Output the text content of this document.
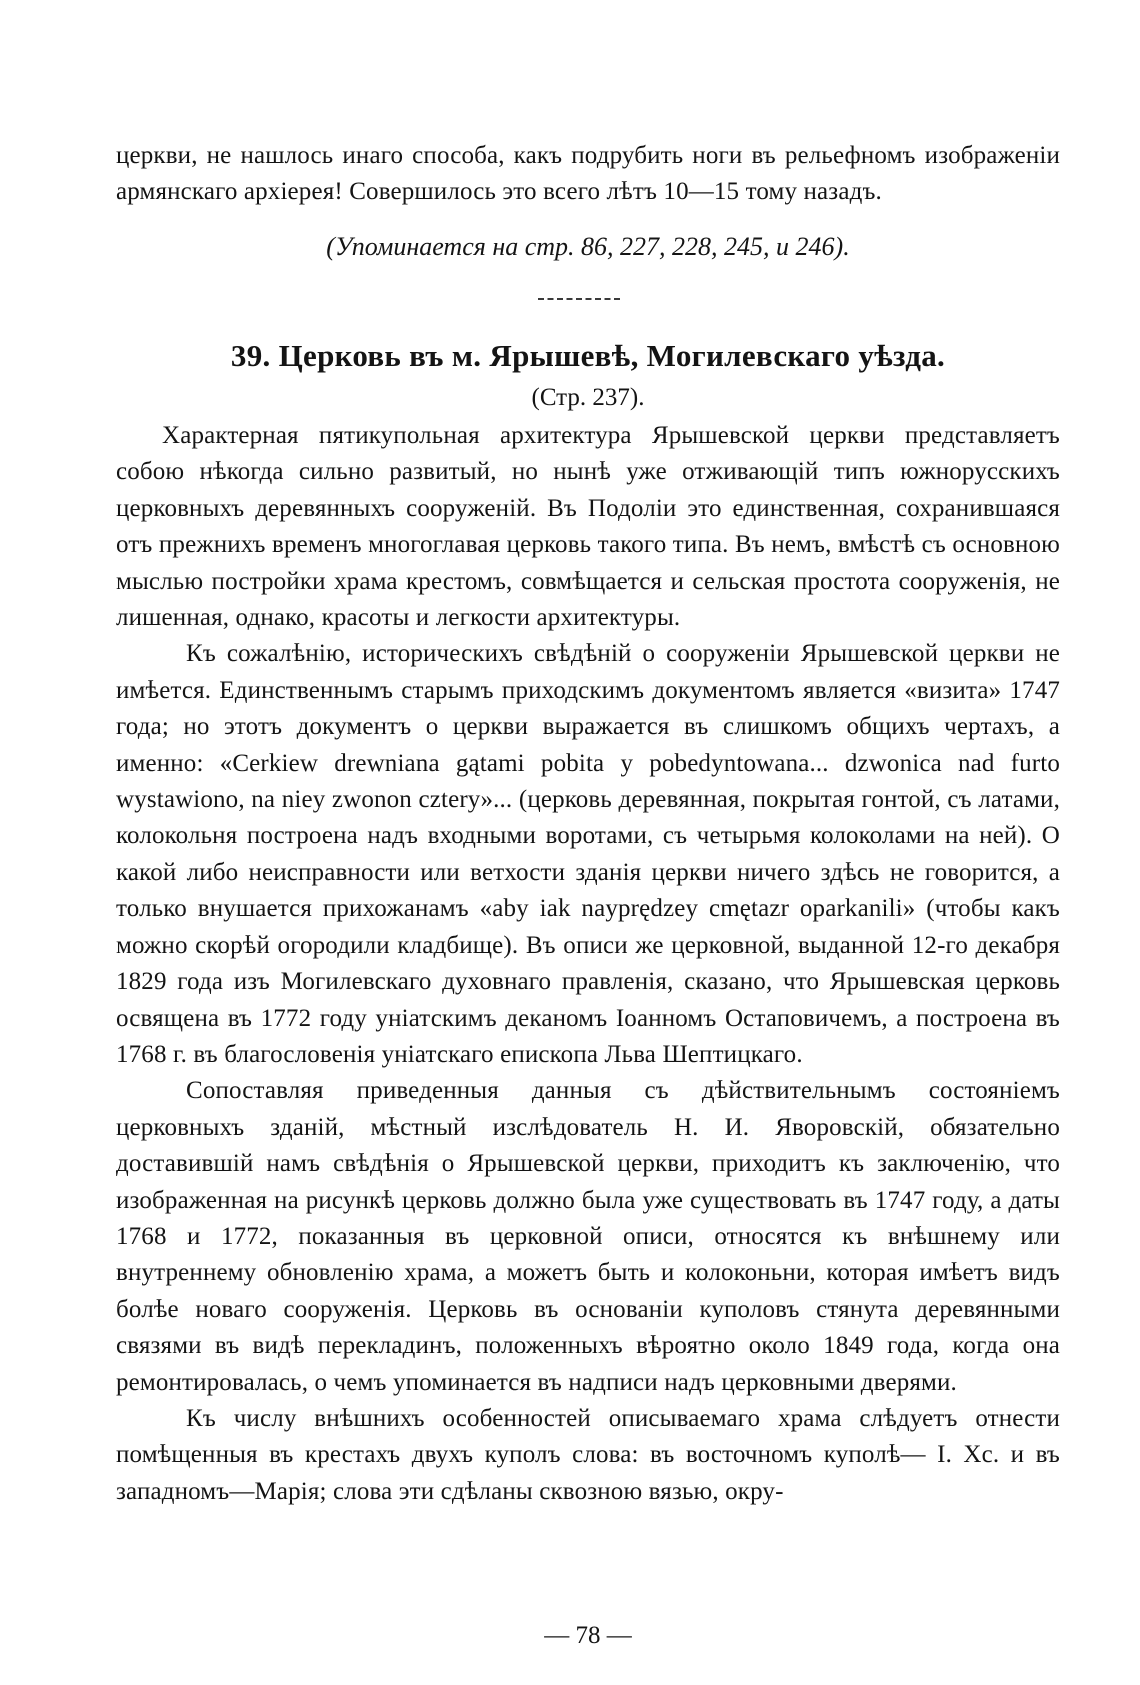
церкви, не нашлось инаго способа, какъ подрубить ноги въ рельефномъ изображенiи армянскаго архiерея! Совершилось это всего лѣтъ 10—15 тому назадъ.

(Упоминается на стр. 86, 227, 228, 245, и 246).
39. Церковь въ м. Ярышевѣ, Могилевскаго уѣзда.
(Стр. 237).

Характерная пятикупольная архитектура Ярышевской церкви представляетъ собою нѣкогда сильно развитый, но нынѣ уже отживающiй типъ южнорусскихъ церковныхъ деревянныхъ сооруженiй. Въ Подолiи это единственная, сохранившаяся отъ прежнихъ временъ многоглавая церковь такого типа. Въ немъ, вмѣстѣ съ основною мыслью постройки храма крестомъ, совмѣщается и сельская простота сооруженiя, не лишенная, однако, красоты и легкости архитектуры.

Къ сожалѣнiю, историческихъ свѣдѣнiй о сооруженiи Ярышевской церкви не имѣется. Единственнымъ старымъ приходскимъ документомъ является «визита» 1747 года; но этотъ документъ о церкви выражается въ слишкомъ общихъ чертахъ, а именно: «Cerkiew drewniana gątami pobita y pobedyntowana... dzwonica nad furto wystawiono, na niey zwonon cztery»... (церковь деревянная, покрытая гонтой, съ латами, колокольня построена надъ входными воротами, съ четырьмя колоколами на ней). О какой либо неисправности или ветхости зданiя церкви ничего здѣсь не говорится, а только внушается прихожанамъ «aby iak nayprędzey cmętazr oparkanili» (чтобы какъ можно скорѣй огородили кладбище). Въ описи же церковной, выданной 12-го декабря 1829 года изъ Могилевскаго духовнаго правленiя, сказано, что Ярышевская церковь освящена въ 1772 году унiатскимъ деканомъ Iоанномъ Остаповичемъ, а построена въ 1768 г. въ благословенiя унiатскаго епископа Льва Шептицкаго.

Сопоставляя приведенныя данныя съ дѣйствительнымъ состоянiемъ церковныхъ зданiй, мѣстный изслѣдователь Н. И. Яворовскiй, обязательно доставившiй намъ свѣдѣнiя о Ярышевской церкви, приходитъ къ заключенiю, что изображенная на рисункѣ церковь должно была уже существовать въ 1747 году, а даты 1768 и 1772, показанныя въ церковной описи, относятся къ внѣшнему или внутреннему обновленiю храма, а можетъ быть и колоконьни, которая имѣетъ видъ болѣе новаго сооруженiя. Церковь въ основанiи куполовъ стянута деревянными связями въ видѣ перекладинъ, положенныхъ вѣроятно около 1849 года, когда она ремонтировалась, о чемъ упоминается въ надписи надъ церковными дверями.

Къ числу внѣшнихъ особенностей описываемаго храма слѣдуетъ отнести помѣщенныя въ крестахъ двухъ куполъ слова: въ восточномъ куполѣ— I. Хс. и въ западномъ—Марiя; слова эти сдѣланы сквозною вязью, окру-

— 78 —
